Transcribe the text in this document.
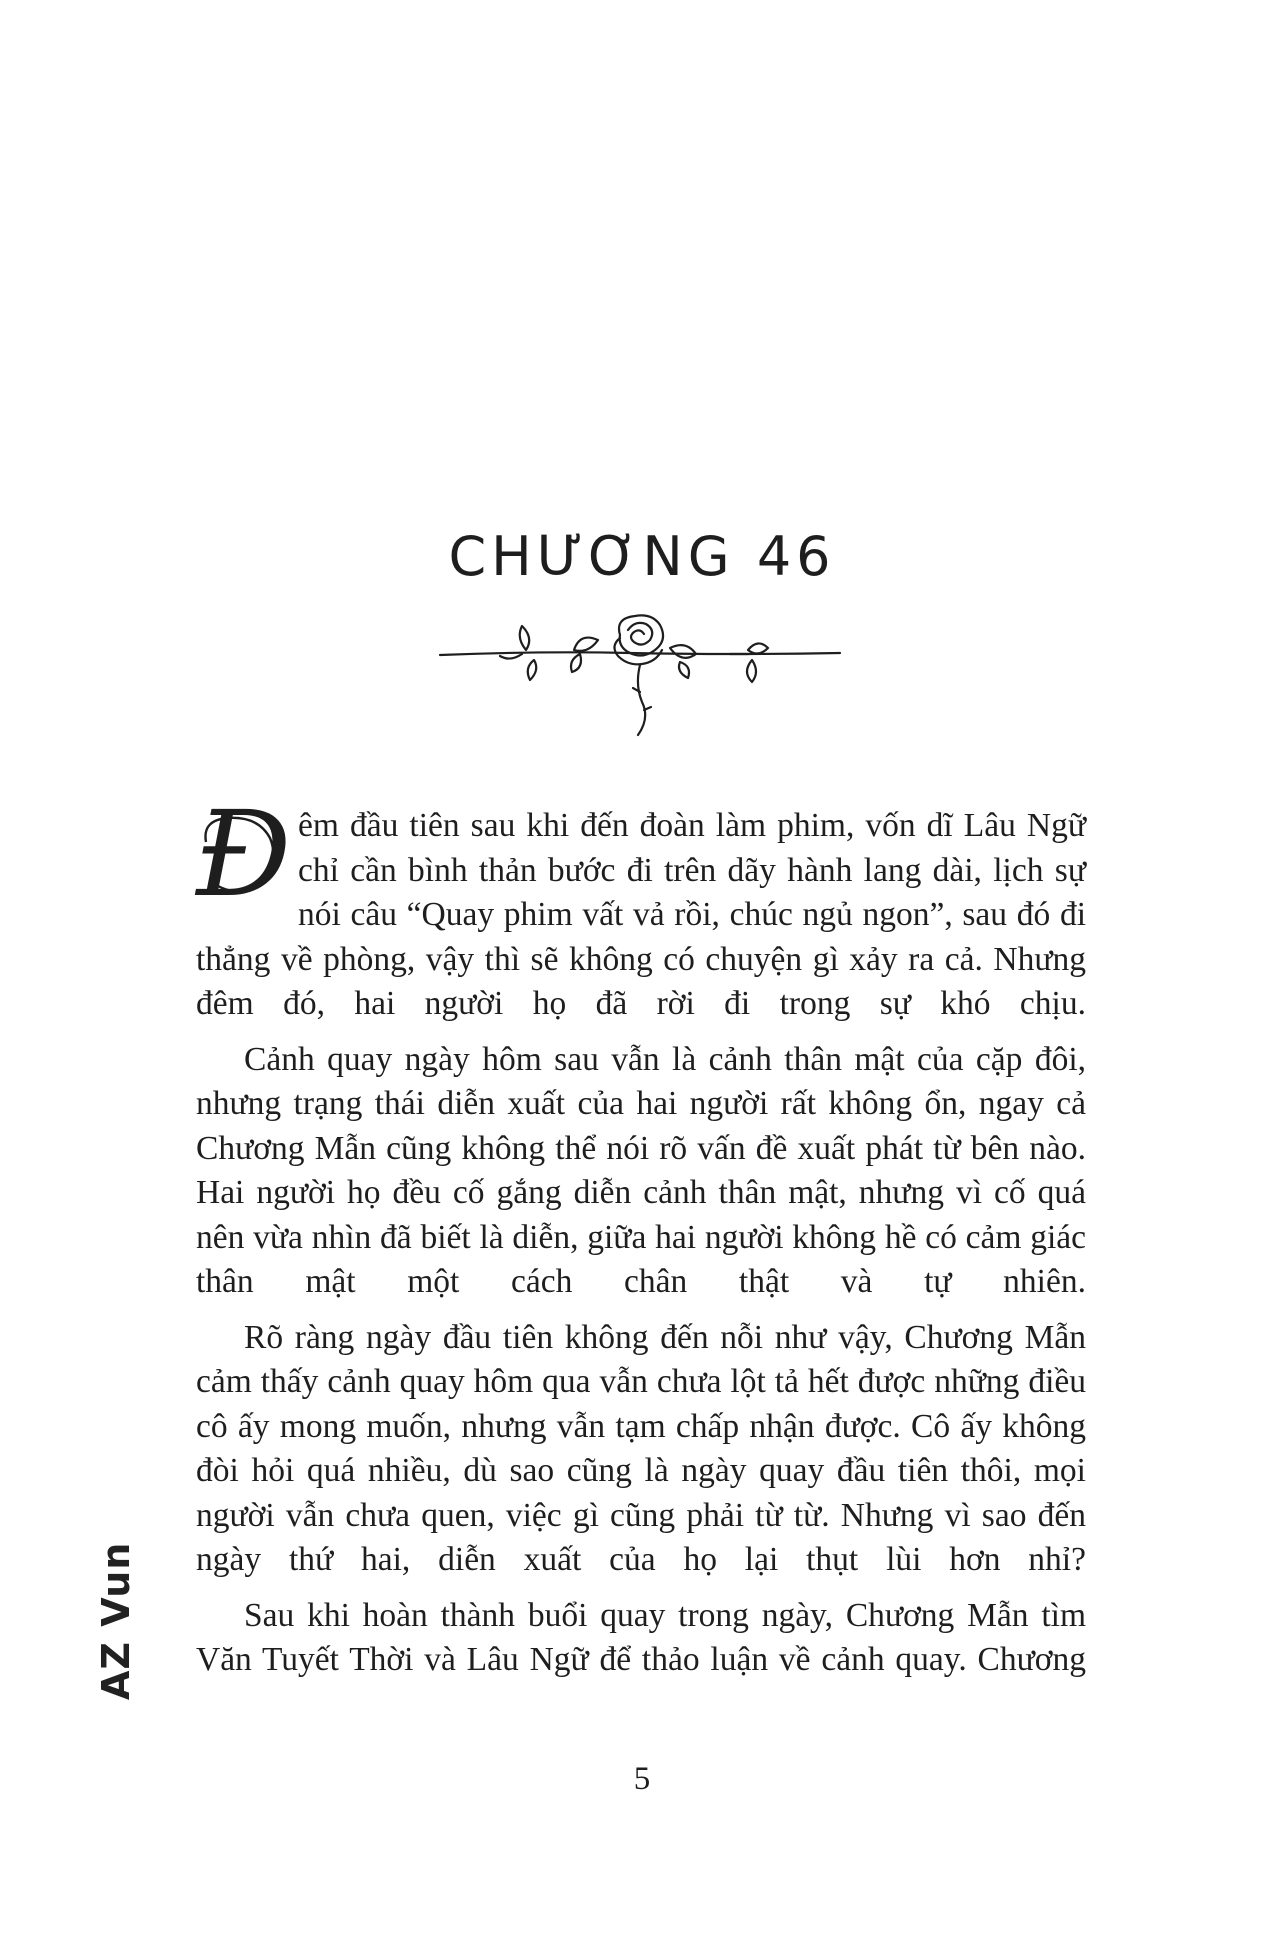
CHƯƠNG 46

Đ êm đầu tiên sau khi đến đoàn làm phim, vốn dĩ Lâu Ngữ chỉ cần bình thản bước đi trên dãy hành lang dài, lịch sự nói câu “Quay phim vất vả rồi, chúc ngủ ngon”, sau đó đi thẳng về phòng, vậy thì sẽ không có chuyện gì xảy ra cả. Nhưng đêm đó, hai người họ đã rời đi trong sự khó chịu.

Cảnh quay ngày hôm sau vẫn là cảnh thân mật của cặp đôi, nhưng trạng thái diễn xuất của hai người rất không ổn, ngay cả Chương Mẫn cũng không thể nói rõ vấn đề xuất phát từ bên nào. Hai người họ đều cố gắng diễn cảnh thân mật, nhưng vì cố quá nên vừa nhìn đã biết là diễn, giữa hai người không hề có cảm giác thân mật một cách chân thật và tự nhiên.

Rõ ràng ngày đầu tiên không đến nỗi như vậy, Chương Mẫn cảm thấy cảnh quay hôm qua vẫn chưa lột tả hết được những điều cô ấy mong muốn, nhưng vẫn tạm chấp nhận được. Cô ấy không đòi hỏi quá nhiều, dù sao cũng là ngày quay đầu tiên thôi, mọi người vẫn chưa quen, việc gì cũng phải từ từ. Nhưng vì sao đến ngày thứ hai, diễn xuất của họ lại thụt lùi hơn nhỉ?

Sau khi hoàn thành buổi quay trong ngày, Chương Mẫn tìm Văn Tuyết Thời và Lâu Ngữ để thảo luận về cảnh quay. Chương

AZ Vun
5
